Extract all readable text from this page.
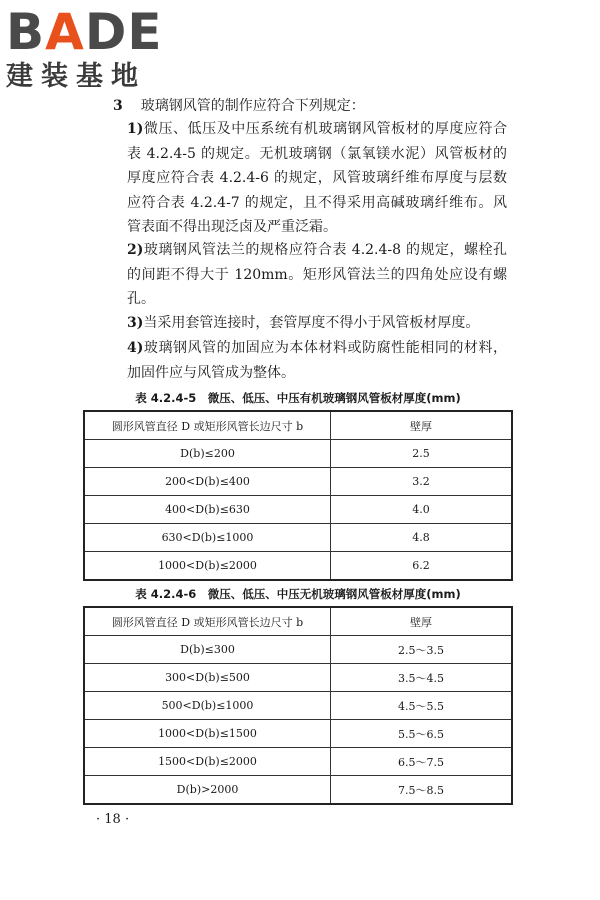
BADE
建装基地
3 玻璃钢风管的制作应符合下列规定：
1)微压、低压及中压系统有机玻璃钢风管板材的厚度应符合表 4.2.4-5 的规定。无机玻璃钢（氯氧镁水泥）风管板材的厚度应符合表 4.2.4-6 的规定，风管玻璃纤维布厚度与层数应符合表 4.2.4-7 的规定，且不得采用高碱玻璃纤维布。风管表面不得出现泛卤及严重泛霜。
2)玻璃钢风管法兰的规格应符合表 4.2.4-8 的规定，螺栓孔的间距不得大于 120mm。矩形风管法兰的四角处应设有螺孔。
3)当采用套管连接时，套管厚度不得小于风管板材厚度。
4)玻璃钢风管的加固应为本体材料或防腐性能相同的材料，加固件应与风管成为整体。
表 4.2.4-5　微压、低压、中压有机玻璃钢风管板材厚度(mm)
圆形风管直径 D 或矩形风管长边尺寸 b	壁厚
D(b)≤200	2.5
200<D(b)≤400	3.2
400<D(b)≤630	4.0
630<D(b)≤1000	4.8
1000<D(b)≤2000	6.2
表 4.2.4-6　微压、低压、中压无机玻璃钢风管板材厚度(mm)
圆形风管直径 D 或矩形风管长边尺寸 b	壁厚
D(b)≤300	2.5～3.5
300<D(b)≤500	3.5～4.5
500<D(b)≤1000	4.5～5.5
1000<D(b)≤1500	5.5～6.5
1500<D(b)≤2000	6.5～7.5
D(b)>2000	7.5～8.5
· 18 ·
